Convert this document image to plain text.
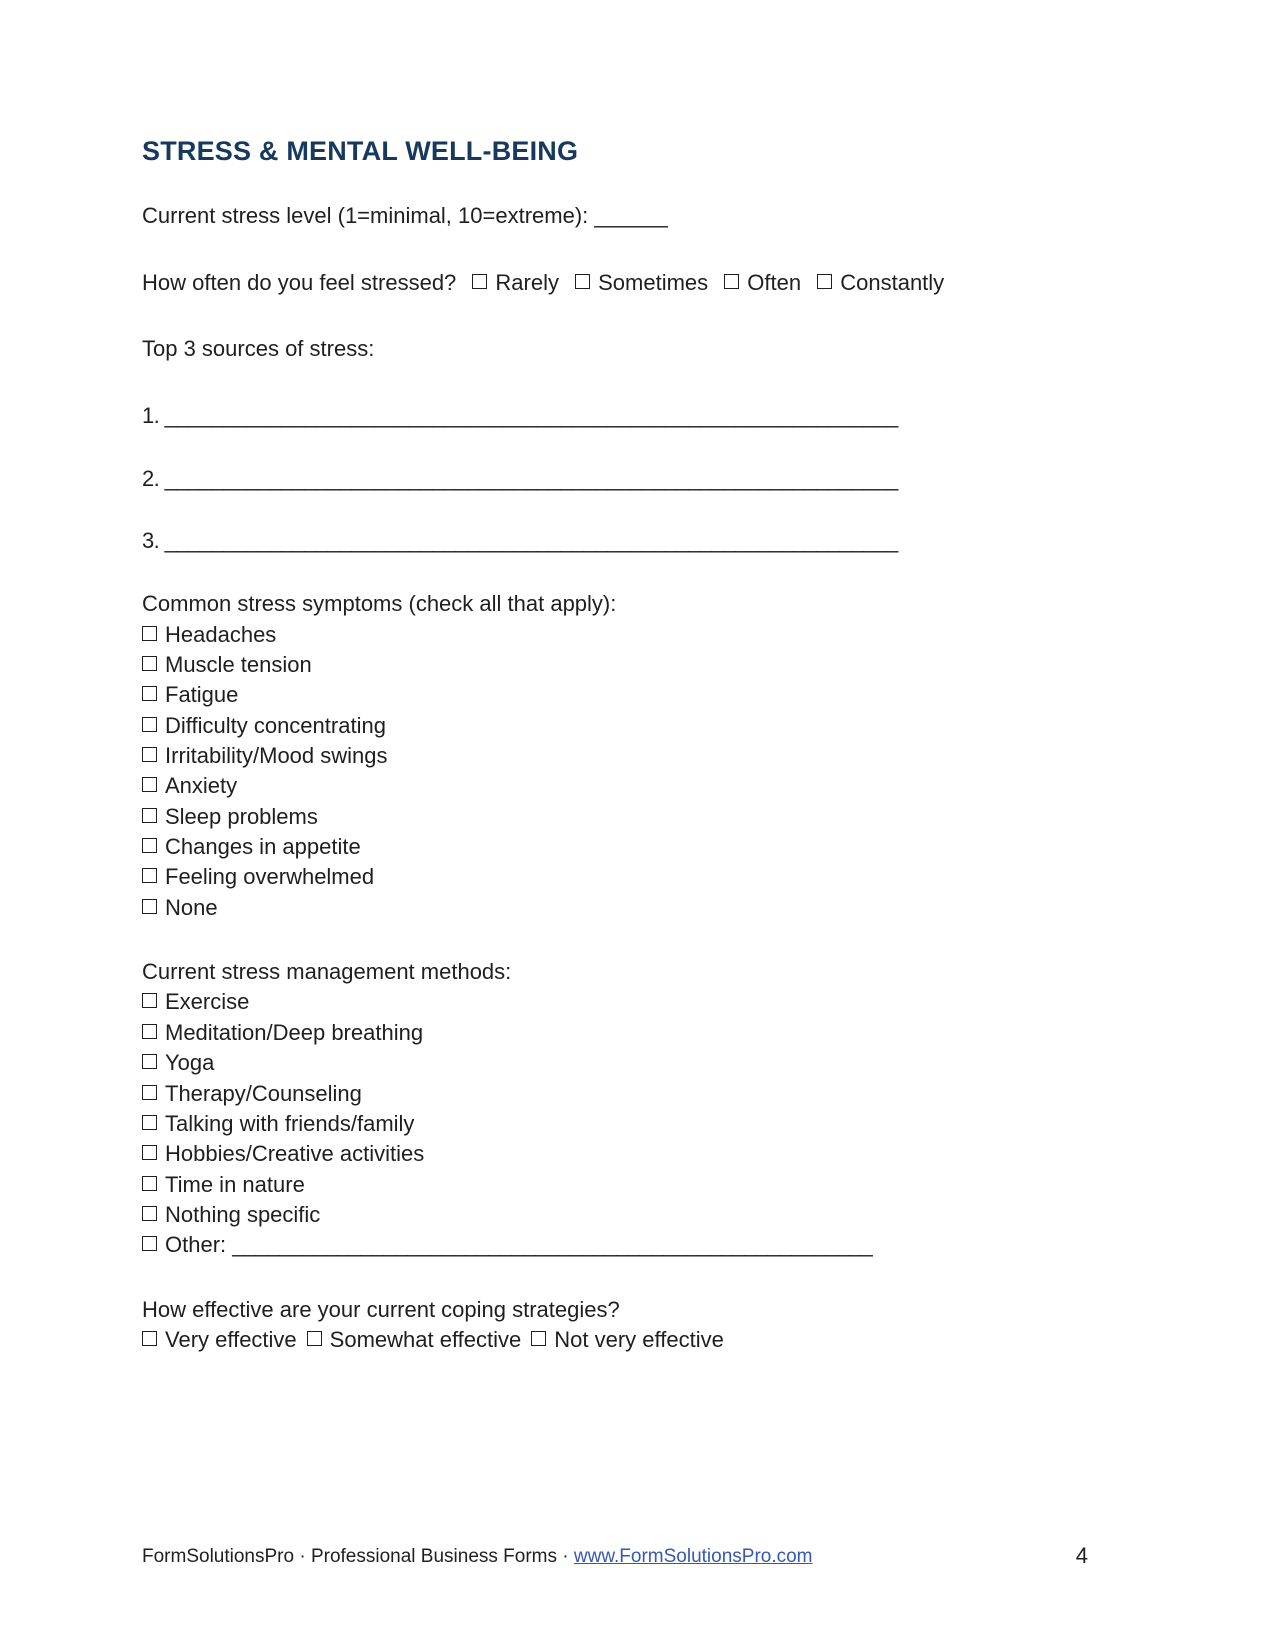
STRESS & MENTAL WELL-BEING

Current stress level (1=minimal, 10=extreme): ______

How often do you feel stressed? Rarely Sometimes Often Constantly

Top 3 sources of stress:

1. _______________________________________________________________

2. _______________________________________________________________

3. _______________________________________________________________

Common stress symptoms (check all that apply):

Headaches
Muscle tension
Fatigue
Difficulty concentrating
Irritability/Mood swings
Anxiety
Sleep problems
Changes in appetite
Feeling overwhelmed
None

Current stress management methods:

Exercise
Meditation/Deep breathing
Yoga
Therapy/Counseling
Talking with friends/family
Hobbies/Creative activities
Time in nature
Nothing specific
Other: _______________________________________________________

How effective are your current coping strategies?

Very effective Somewhat effective Not very effective
FormSolutionsPro · Professional Business Forms · www.FormSolutionsPro.com	4
